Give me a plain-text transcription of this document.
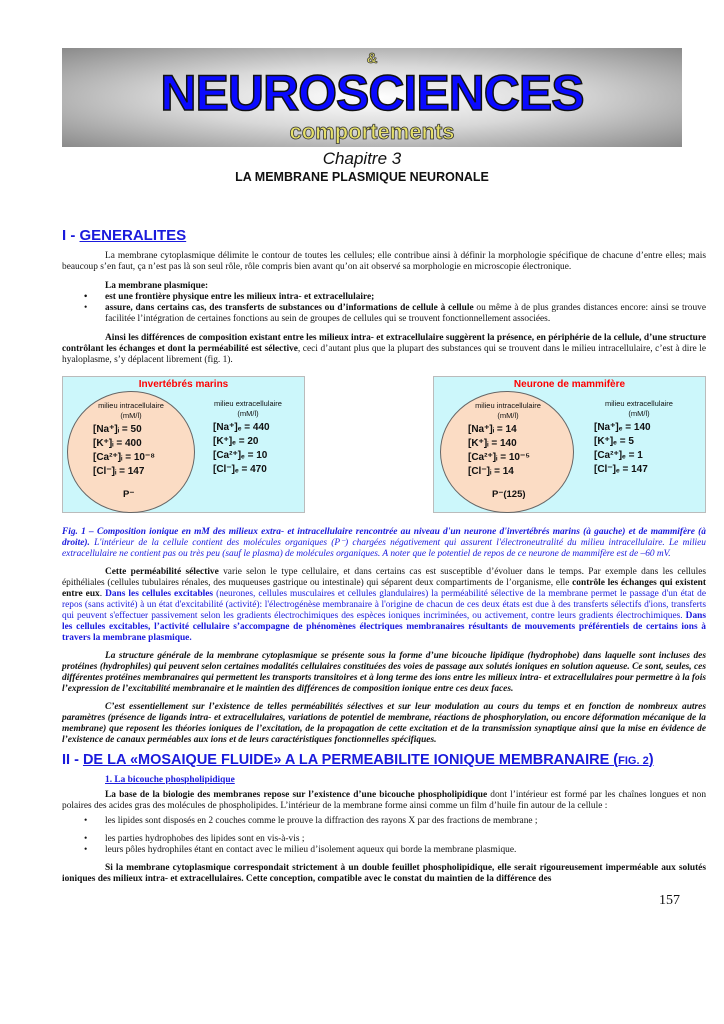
&
NEUROSCIENCES
comportements
Chapitre 3
LA MEMBRANE PLASMIQUE NEURONALE
I - GENERALITES

La membrane cytoplasmique délimite le contour de toutes les cellules; elle contribue ainsi à définir la morphologie spécifique de chacune d’entre elles; mais beaucoup s’en faut, ça n’est pas là son seul rôle, rôle compris bien avant qu’on ait observé sa morphologie en microscopie électronique.

La membrane plasmique:

• est une frontière physique entre les milieux intra- et extracellulaire;
• assure, dans certains cas, des transferts de substances ou d’informations de cellule à cellule ou même à de plus grandes distances encore: ainsi se trouve facilitée l’intégration de certaines fonctions au sein de groupes de cellules qui se trouvent fonctionnellement associées.

Ainsi les différences de composition existant entre les milieux intra- et extracellulaire suggèrent la présence, en périphérie de la cellule, d’une structure contrôlant les échanges et dont la perméabilité est sélective, ceci d’autant plus que la plupart des substances qui se trouvent dans le milieu intracellulaire, c’est à dire le hyaloplasme, s’y déplacent librement (fig. 1).

Invertébrés marins
milieu intracellulaire
(mM/l)
milieu extracellulaire
(mM/l)
[Na⁺]ᵢ = 50
[K⁺]ᵢ = 400
[Ca²⁺]ᵢ = 10⁻⁸
[Cl⁻]ᵢ = 147
P⁻
[Na⁺]ₑ = 440
[K⁺]ₑ = 20
[Ca²⁺]ₑ = 10
[Cl⁻]ₑ = 470
Neurone de mammifère
milieu intracellulaire
(mM/l)
milieu extracellulaire
(mM/l)
[Na⁺]ᵢ = 14
[K⁺]ᵢ = 140
[Ca²⁺]ᵢ = 10⁻⁵
[Cl⁻]ᵢ = 14
P⁻(125)
[Na⁺]ₑ = 140
[K⁺]ₑ = 5
[Ca²⁺]ₑ = 1
[Cl⁻]ₑ = 147

Fig. 1 – Composition ionique en mM des milieux extra- et intracellulaire rencontrée au niveau d'un neurone d'invertébrés marins (à gauche) et de mammifère (à droite). L'intérieur de la cellule contient des molécules organiques (P⁻) chargées négativement qui assurent l'électroneutralité du milieu intracellulaire. Le milieu extracellulaire ne contient pas ou très peu (sauf le plasma) de molécules organiques. A noter que le potentiel de repos de ce neurone de mammifère est de –60 mV.

Cette perméabilité sélective varie selon le type cellulaire, et dans certains cas est susceptible d’évoluer dans le temps. Par exemple dans les cellules épithéliales (cellules tubulaires rénales, des muqueuses gastrique ou intestinale) qui séparent deux compartiments de l’organisme, elle contrôle les échanges qui existent entre eux. Dans les cellules excitables (neurones, cellules musculaires et cellules glandulaires) la perméabilité sélective de la membrane permet le passage d'un état de repos (sans activité) à un état d'excitabilité (activité): l'électrogénèse membranaire à l'origine de chacun de ces deux états est due à des transferts sélectifs d'ions, transferts qui peuvent s'effectuer passivement selon les gradients électrochimiques des espèces ioniques incriminées, ou activement, contre leurs gradients électrochimiques. Dans les cellules excitables, l’activité cellulaire s’accompagne de phénomènes électriques membranaires résultants de mouvements préférentiels de certains ions à travers la membrane plasmique.

La structure générale de la membrane cytoplasmique se présente sous la forme d’une bicouche lipidique (hydrophobe) dans laquelle sont incluses des protéines (hydrophiles) qui peuvent selon certaines modalités cellulaires constituées des voies de passage aux solutés ioniques en solution aqueuse. Ce sont, seules, ces différentes protéines membranaires qui permettent les transports transitoires et à long terme des ions entre les milieux intra- et extracellulaires pour permettre à la fois l’expression de l’excitabilité membranaire et le maintien des différences de composition ionique entre ces deux faces.

C’est essentiellement sur l’existence de telles perméabilités sélectives et sur leur modulation au cours du temps et en fonction de nombreux autres paramètres (présence de ligands intra- et extracellulaires, variations de potentiel de membrane, réactions de phosphorylation, ou encore déformation mécanique de la membrane) que reposent les théories ioniques de l’excitation, de la propagation de cette excitation et de la transmission synaptique ainsi que la mise en évidence de l’existence de canaux perméables aux ions et de leurs caractéristiques fonctionnelles spécifiques.

II - DE LA «MOSAIQUE FLUIDE» A LA PERMEABILITE IONIQUE MEMBRANAIRE (FIG. 2)
1. La bicouche phospholipidique

La base de la biologie des membranes repose sur l’existence d’une bicouche phospholipidique dont l’intérieur est formé par les chaînes longues et non polaires des acides gras des molécules de phospholipides. L’intérieur de la membrane forme ainsi comme un film d’huile fin autour de la cellule :

• les lipides sont disposés en 2 couches comme le prouve la diffraction des rayons X par des fractions de membrane ;
• les parties hydrophobes des lipides sont en vis-à-vis ;
• leurs pôles hydrophiles étant en contact avec le milieu d’isolement aqueux qui borde la membrane plasmique.

Si la membrane cytoplasmique correspondait strictement à un double feuillet phospholipidique, elle serait rigoureusement imperméable aux solutés ioniques des milieux intra- et extracellulaires. Cette conception, compatible avec le constat du maintien de la différence des

157
